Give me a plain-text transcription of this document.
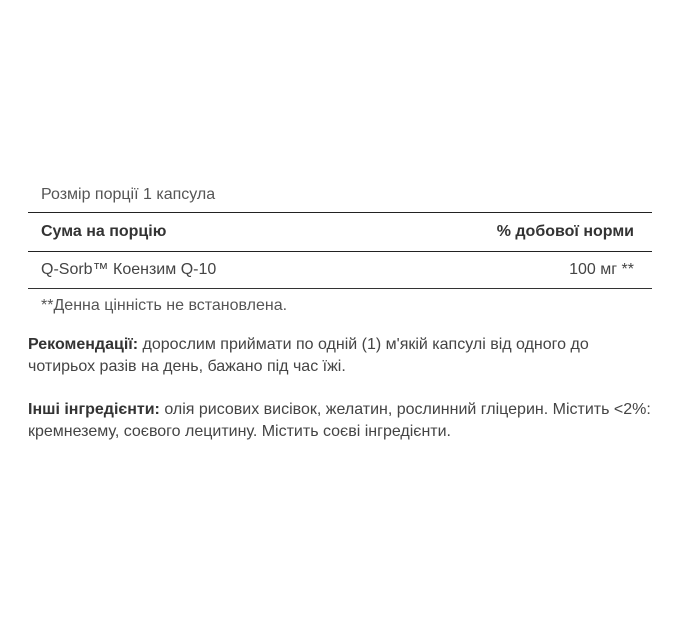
Розмір порції 1 капсула
Сума на порцію	% добової норми
Q-Sorb™ Коензим Q-10	100 мг **
**Денна цінність не встановлена.

Рекомендації: дорослим приймати по одній (1) м'якій капсулі від одного до чотирьох разів на день, бажано під час їжі.

Інші інгредієнти: олія рисових висівок, желатин, рослинний гліцерин. Містить <2%: кремнезему, соєвого лецитину. Містить соєві інгредієнти.
